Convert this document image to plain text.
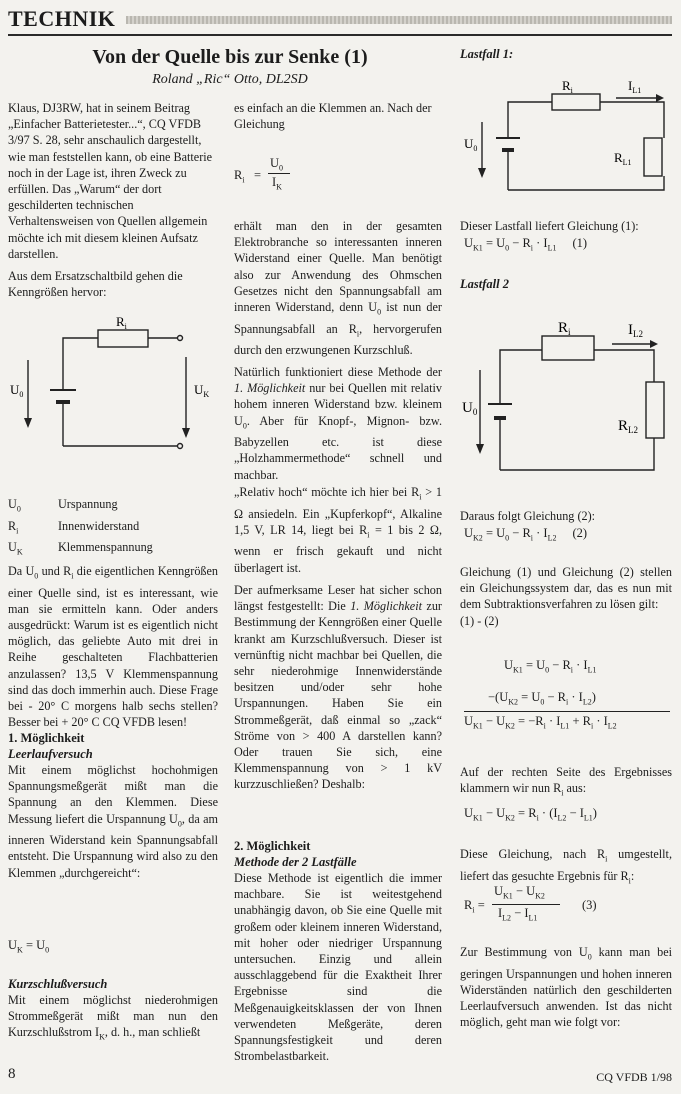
TECHNIK
Von der Quelle bis zur Senke (1)
Roland „Ric“ Otto, DL2SD

Klaus, DJ3RW, hat in seinem Beitrag „Einfacher Batterietester...“, CQ VFDB 3/97 S. 28, sehr anschaulich dargestellt, wie man feststellen kann, ob eine Batterie noch in der Lage ist, ihren Zweck zu erfüllen. Das „Warum“ der dort geschilderten technischen Verhaltensweisen von Quellen allgemein möchte ich mit diesem kleinen Aufsatz darstellen.

Aus dem Ersatzschaltbild gehen die Kenngrößen hervor:

$U_0$
$R_i$
$U_K$
$U_0$	Urspannung
$R_i$	Innenwiderstand
$U_K$	Klemmenspannung

Da $U_0$ und $R_i$ die eigentlichen Kenngrößen einer Quelle sind, ist es interessant, wie man sie ermitteln kann. Oder anders ausgedrückt: Warum ist es eigentlich nicht möglich, das geliebte Auto mit drei in Reihe geschalteten Flachbatterien anzulassen? 13,5 V Klemmenspannung sind das doch immerhin auch. Diese Frage bei - 20° C morgens halb sechs stellen? Besser bei + 20° C CQ VFDB lesen!

1. Möglichkeit
Leerlaufversuch

Mit einem möglichst hochohmigen Spannungsmeßgerät mißt man die Spannung an den Klemmen. Diese Messung liefert die Urspannung $U_0$, da am inneren Widerstand kein Spannungsabfall entsteht. Die Urspannung wird also zu den Klemmen „durchgereicht“:

$U_K = U_0$
Kurzschlußversuch

Mit einem möglichst niederohmigen Strommeßgerät mißt man nun den Kurzschlußstrom $I_K$, d. h., man schließt

es einfach an die Klemmen an. Nach der Gleichung

$R_i$ =
$U_0$
$I_K$

erhält man den in der gesamten Elektrobranche so interessanten inneren Widerstand einer Quelle. Man benötigt also zur Anwendung des Ohmschen Gesetzes nicht den Spannungsabfall am inneren Widerstand, denn $U_0$ ist nun der Spannungsabfall an $R_i$, hervorgerufen durch den erzwungenen Kurzschluß.

Natürlich funktioniert diese Methode der 1. Möglichkeit nur bei Quellen mit relativ hohem inneren Widerstand bzw. kleinem $U_0$. Aber für Knopf-, Mignon- bzw. Babyzellen etc. ist diese „Holzhammermethode“ schnell und machbar.

„Relativ hoch“ möchte ich hier bei $R_i > 1$ Ω ansiedeln. Ein „Kupferkopf“, Alkaline 1,5 V, LR 14, liegt bei $R_i = 1$ bis 2 Ω, wenn er frisch gekauft und nicht überlagert ist.

Der aufmerksame Leser hat sicher schon längst festgestellt: Die 1. Möglichkeit zur Bestimmung der Kenngrößen einer Quelle krankt am Kurzschlußversuch. Dieser ist vernünftig nicht machbar bei Quellen, die sehr niederohmige Innenwiderstände besitzen und/oder sehr hohe Urspannungen. Haben Sie ein Strommeßgerät, daß einmal so „zack“ Ströme von > 400 A darstellen kann? Oder trauen Sie sich, eine Klemmenspannung von > 1 kV kurzzuschließen? Deshalb:

2. Möglichkeit
Methode der 2 Lastfälle

Diese Methode ist eigentlich die immer machbare. Sie ist weitestgehend unabhängig davon, ob Sie eine Quelle mit großem oder kleinem inneren Widerstand, mit hoher oder niedriger Urspannung untersuchen. Einzig und allein ausschlaggebend für die Exaktheit Ihrer Ergebnisse sind die Meßgenauigkeitsklassen der von Ihnen verwendeten Meßgeräte, deren Spannungsfestigkeit und deren Strombelastbarkeit.

Lastfall 1:
$U_0$
$R_i$	$I_{L1}$
$R_{L1}$
Dieser Lastfall liefert Gleichung (1):
$U_{K1} = U_0 - R_i \cdot I_{L1}$ (1)
Lastfall 2
$U_0$
$R_i$	$I_{L2}$
$R_{L2}$
Daraus folgt Gleichung (2):
$U_{K2} = U_0 - R_i \cdot I_{L2}$ (2)

Gleichung (1) und Gleichung (2) stellen ein Gleichungssystem dar, das es nun mit dem Subtraktionsverfahren zu lösen gilt:

(1) - (2)

$U_{K1} = U_0 - R_i \cdot I_{L1}$
$-(U_{K2} = U_0 - R_i \cdot I_{L2})$
$U_{K1} - U_{K2} = -R_i \cdot I_{L1} + R_i \cdot I_{L2}$

Auf der rechten Seite des Ergebnisses klammern wir nun $R_i$ aus:

$U_{K1} - U_{K2} = R_i \cdot (I_{L2} - I_{L1})$

Diese Gleichung, nach $R_i$ umgestellt, liefert das gesuchte Ergebnis für $R_i$:

$R_i$ =
$U_{K1} - U_{K2}$
$I_{L2} - I_{L1}$
(3)

Zur Bestimmung von $U_0$ kann man bei geringen Urspannungen und hohen inneren Widerständen natürlich den geschilderten Leerlaufversuch anwenden. Ist das nicht möglich, geht man wie folgt vor:

8	CQ VFDB 1/98
